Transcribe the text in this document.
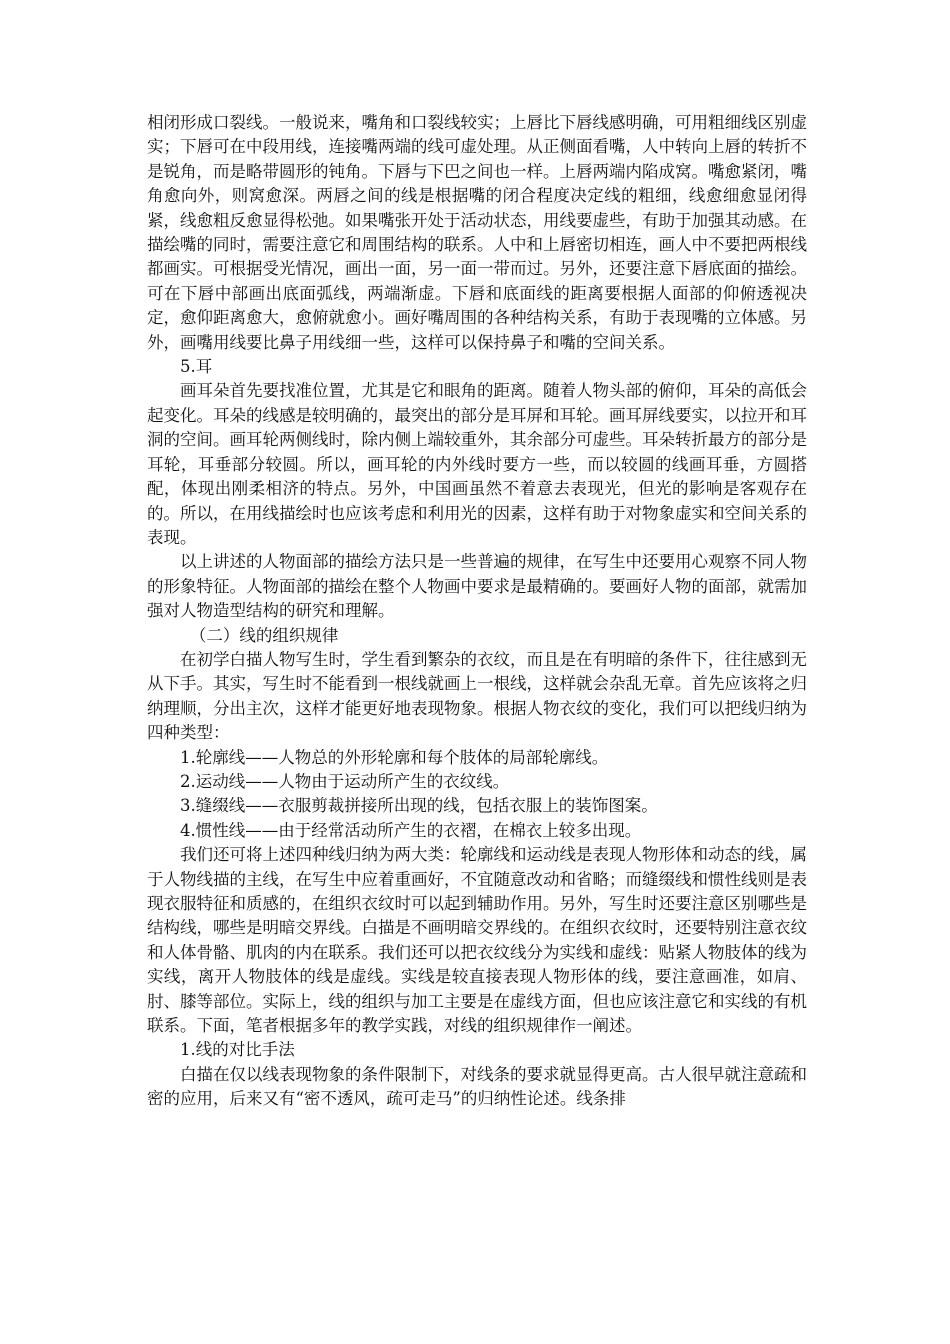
相闭形成口裂线。一般说来，嘴角和口裂线较实；上唇比下唇线感明确，可用粗细线区别虚实；下唇可在中段用线，连接嘴两端的线可虚处理。从正侧面看嘴，人中转向上唇的转折不是锐角，而是略带圆形的钝角。下唇与下巴之间也一样。上唇两端内陷成窝。嘴愈紧闭，嘴角愈向外，则窝愈深。两唇之间的线是根据嘴的闭合程度决定线的粗细，线愈细愈显闭得紧，线愈粗反愈显得松弛。如果嘴张开处于活动状态，用线要虚些，有助于加强其动感。在描绘嘴的同时，需要注意它和周围结构的联系。人中和上唇密切相连，画人中不要把两根线都画实。可根据受光情况，画出一面，另一面一带而过。另外，还要注意下唇底面的描绘。可在下唇中部画出底面弧线，两端渐虚。下唇和底面线的距离要根据人面部的仰俯透视决定，愈仰距离愈大，愈俯就愈小。画好嘴周围的各种结构关系，有助于表现嘴的立体感。另外，画嘴用线要比鼻子用线细一些，这样可以保持鼻子和嘴的空间关系。

5.耳

画耳朵首先要找准位置，尤其是它和眼角的距离。随着人物头部的俯仰，耳朵的高低会起变化。耳朵的线感是较明确的，最突出的部分是耳屏和耳轮。画耳屏线要实，以拉开和耳洞的空间。画耳轮两侧线时，除内侧上端较重外，其余部分可虚些。耳朵转折最方的部分是耳轮，耳垂部分较圆。所以，画耳轮的内外线时要方一些，而以较圆的线画耳垂，方圆搭配，体现出刚柔相济的特点。另外，中国画虽然不着意去表现光，但光的影响是客观存在的。所以，在用线描绘时也应该考虑和利用光的因素，这样有助于对物象虚实和空间关系的表现。

以上讲述的人物面部的描绘方法只是一些普遍的规律，在写生中还要用心观察不同人物的形象特征。人物面部的描绘在整个人物画中要求是最精确的。要画好人物的面部，就需加强对人物造型结构的研究和理解。

（二）线的组织规律

在初学白描人物写生时，学生看到繁杂的衣纹，而且是在有明暗的条件下，往往感到无从下手。其实，写生时不能看到一根线就画上一根线，这样就会杂乱无章。首先应该将之归纳理顺，分出主次，这样才能更好地表现物象。根据人物衣纹的变化，我们可以把线归纳为四种类型：

1.轮廓线——人物总的外形轮廓和每个肢体的局部轮廓线。

2.运动线——人物由于运动所产生的衣纹线。

3.缝缀线——衣服剪裁拼接所出现的线，包括衣服上的装饰图案。

4.惯性线——由于经常活动所产生的衣褶，在棉衣上较多出现。

我们还可将上述四种线归纳为两大类：轮廓线和运动线是表现人物形体和动态的线，属于人物线描的主线，在写生中应着重画好，不宜随意改动和省略；而缝缀线和惯性线则是表现衣服特征和质感的，在组织衣纹时可以起到辅助作用。另外，写生时还要注意区别哪些是结构线，哪些是明暗交界线。白描是不画明暗交界线的。在组织衣纹时，还要特别注意衣纹和人体骨骼、肌肉的内在联系。我们还可以把衣纹线分为实线和虚线：贴紧人物肢体的线为实线，离开人物肢体的线是虚线。实线是较直接表现人物形体的线，要注意画准，如肩、肘、膝等部位。实际上，线的组织与加工主要是在虚线方面，但也应该注意它和实线的有机联系。下面，笔者根据多年的教学实践，对线的组织规律作一阐述。

1.线的对比手法

白描在仅以线表现物象的条件限制下，对线条的要求就显得更高。古人很早就注意疏和密的应用，后来又有“密不透风，疏可走马”的归纳性论述。线条排
